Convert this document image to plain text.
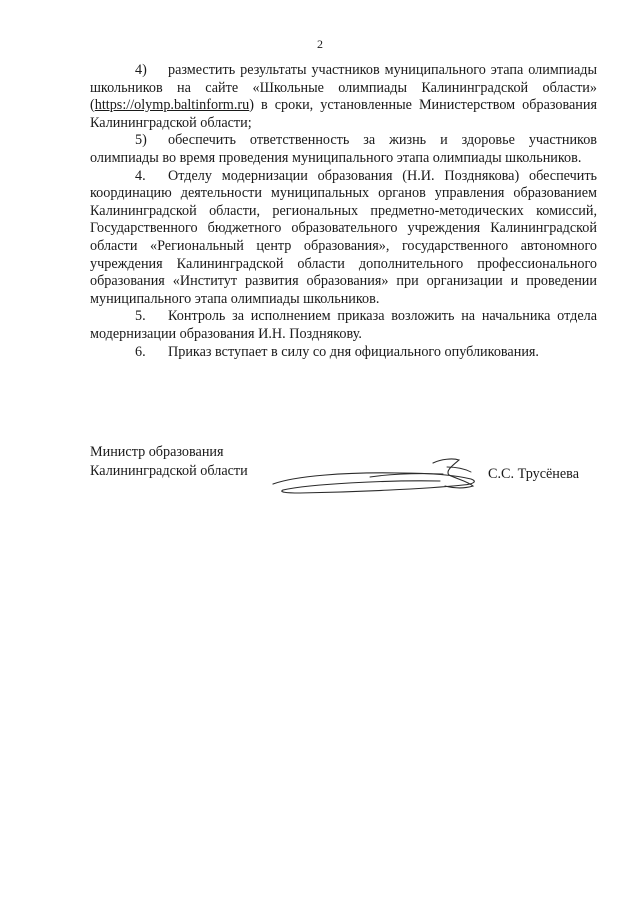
2

4) разместить результаты участников муниципального этапа олимпиады школьников на сайте «Школьные олимпиады Калининградской области» (https://olymp.baltinform.ru) в сроки, установленные Министерством образования Калининградской области;

5) обеспечить ответственность за жизнь и здоровье участников олимпиады во время проведения муниципального этапа олимпиады школьников.

4. Отделу модернизации образования (Н.И. Позднякова) обеспечить координацию деятельности муниципальных органов управления образованием Калининградской области, региональных предметно-методических комиссий, Государственного бюджетного образовательного учреждения Калининградской области «Региональный центр образования», государственного автономного учреждения Калининградской области дополнительного профессионального образования «Институт развития образования» при организации и проведении муниципального этапа олимпиады школьников.

5. Контроль за исполнением приказа возложить на начальника отдела модернизации образования И.Н. Позднякову.

6. Приказ вступает в силу со дня официального опубликования.

Министр образования
Калининградской области	С.С. Трусёнева
